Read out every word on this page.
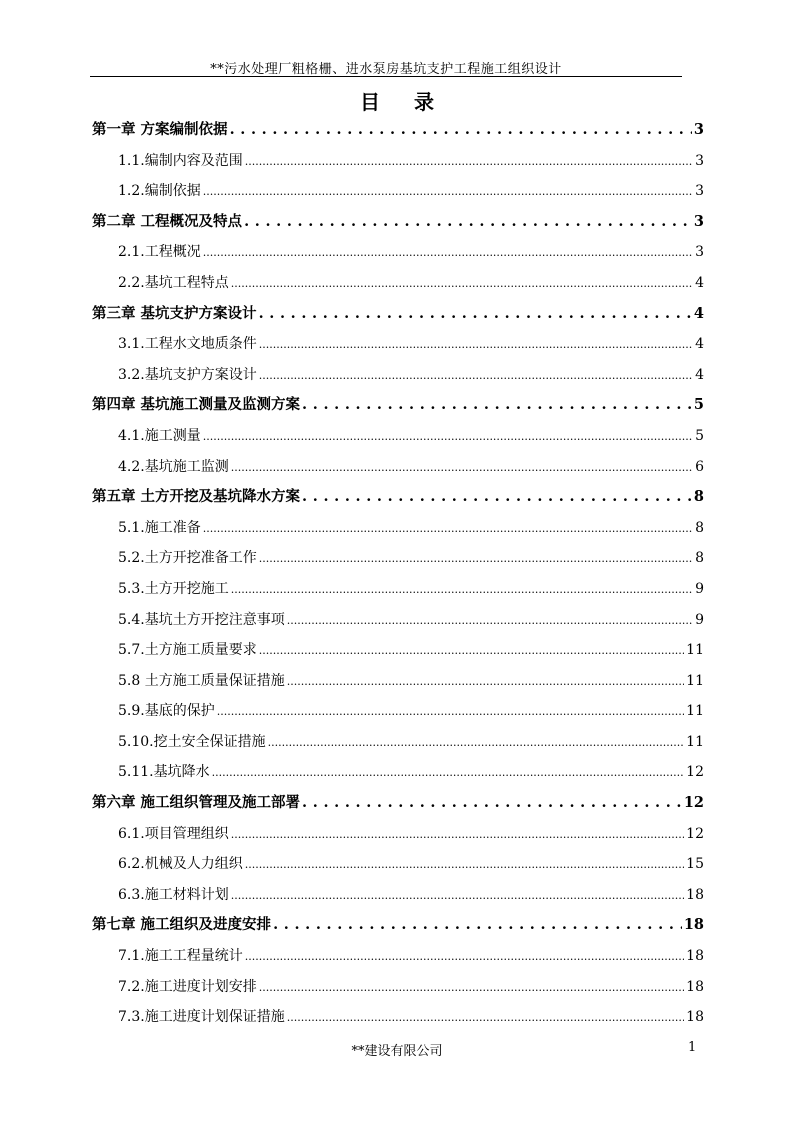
**污水处理厂粗格栅、进水泵房基坑支护工程施工组织设计
目录
第一章 方案编制依据 . . .	3
1.1.编制内容及范围 .....	3
1.2.编制依据 .....	3
第二章 工程概况及特点 . . .	3
2.1.工程概况 .....	3
2.2.基坑工程特点 .....	4
第三章 基坑支护方案设计 . . .	4
3.1.工程水文地质条件 .....	4
3.2.基坑支护方案设计 .....	4
第四章 基坑施工测量及监测方案 . . .	5
4.1.施工测量 .....	5
4.2.基坑施工监测 .....	6
第五章 土方开挖及基坑降水方案 . . .	8
5.1.施工准备 .....	8
5.2.土方开挖准备工作 .....	8
5.3.土方开挖施工 .....	9
5.4.基坑土方开挖注意事项 .....	9
5.7.土方施工质量要求 .....	11
5.8 土方施工质量保证措施 .....	11
5.9.基底的保护 .....	11
5.10.挖土安全保证措施 .....	11
5.11.基坑降水 .....	12
第六章 施工组织管理及施工部署 . . .	12
6.1.项目管理组织 .....	12
6.2.机械及人力组织 .....	15
6.3.施工材料计划 .....	18
第七章 施工组织及进度安排 . . .	18
7.1.施工工程量统计 .....	18
7.2.施工进度计划安排 .....	18
7.3.施工进度计划保证措施 .....	18
**建设有限公司	1
